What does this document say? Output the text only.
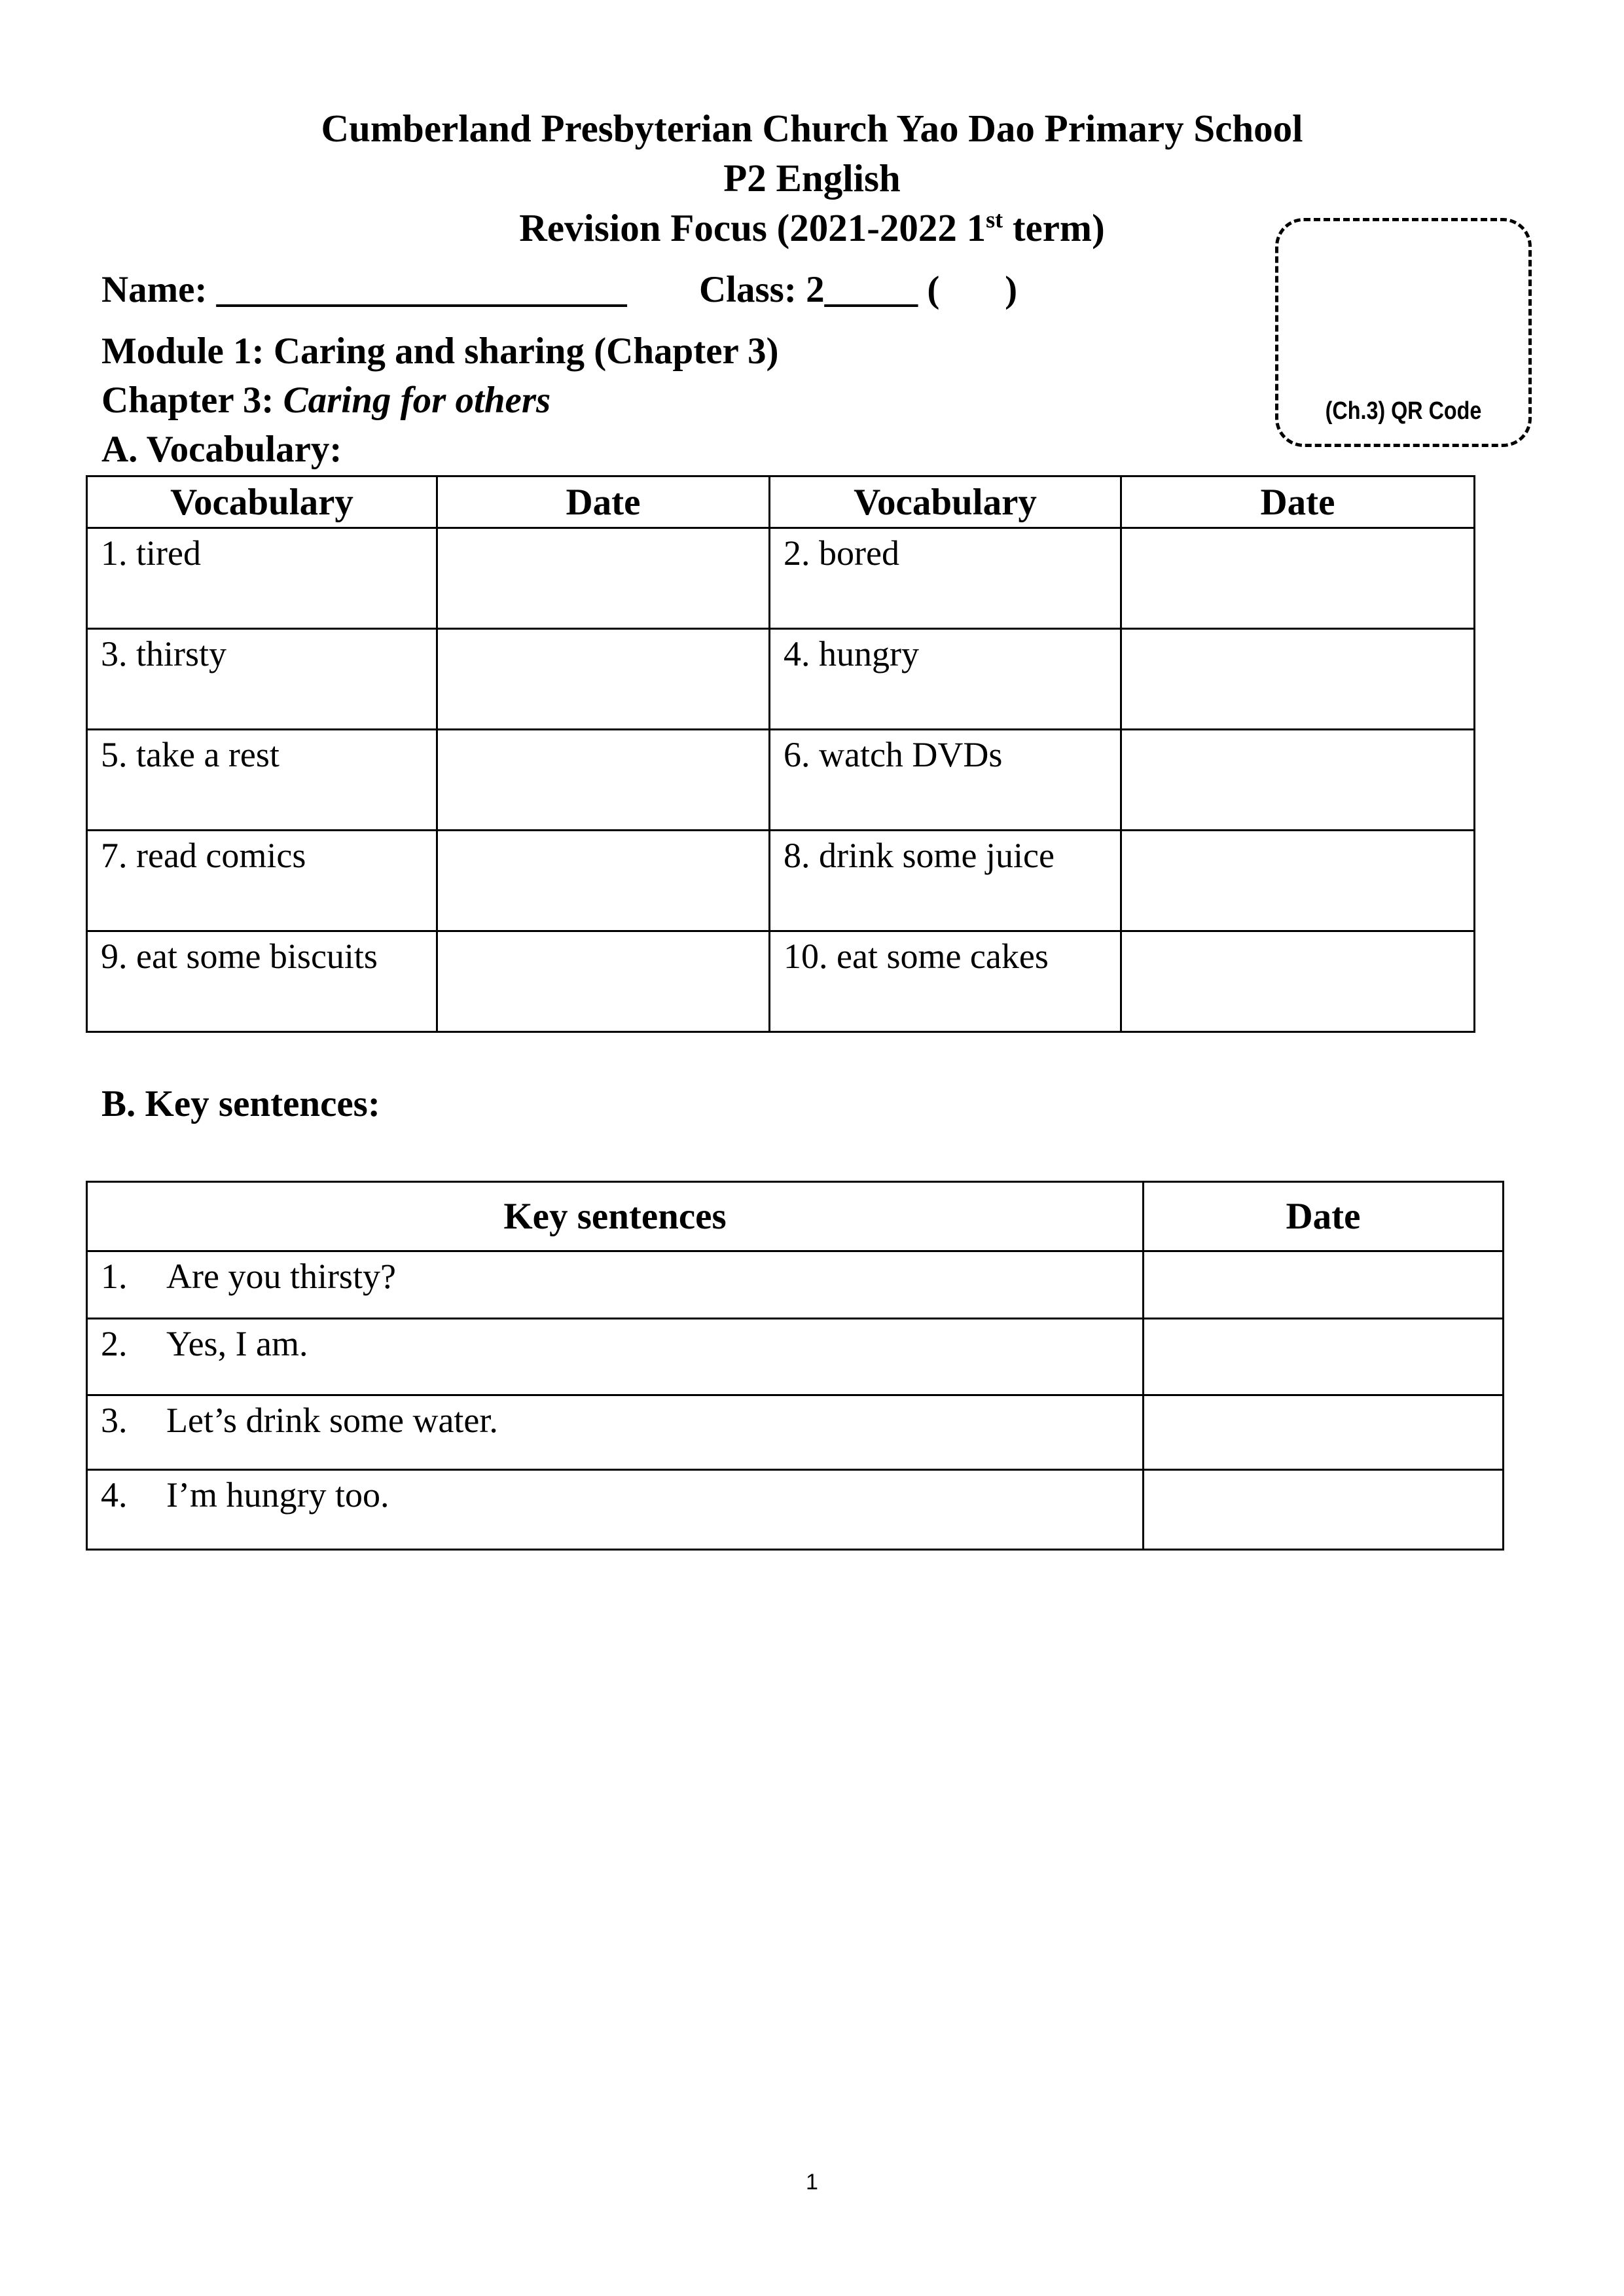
Cumberland Presbyterian Church Yao Dao Primary School
P2 English
Revision Focus (2021-2022 1st term)
(Ch.3) QR Code
Name: ______________________ Class: 2_____ (       )
Module 1: Caring and sharing (Chapter 3)
Chapter 3: Caring for others
A. Vocabulary:
Vocabulary	Date	Vocabulary	Date

1. tired		2. bored	

3. thirsty		4. hungry	

5. take a rest		6. watch DVDs	

7. read comics		8. drink some juice	

9. eat some biscuits		10. eat some cakes	

B. Key sentences:
Key sentences	Date

1. Are you thirsty?	

2. Yes, I am.	

3. Let’s drink some water.	

4. I’m hungry too.	

1
